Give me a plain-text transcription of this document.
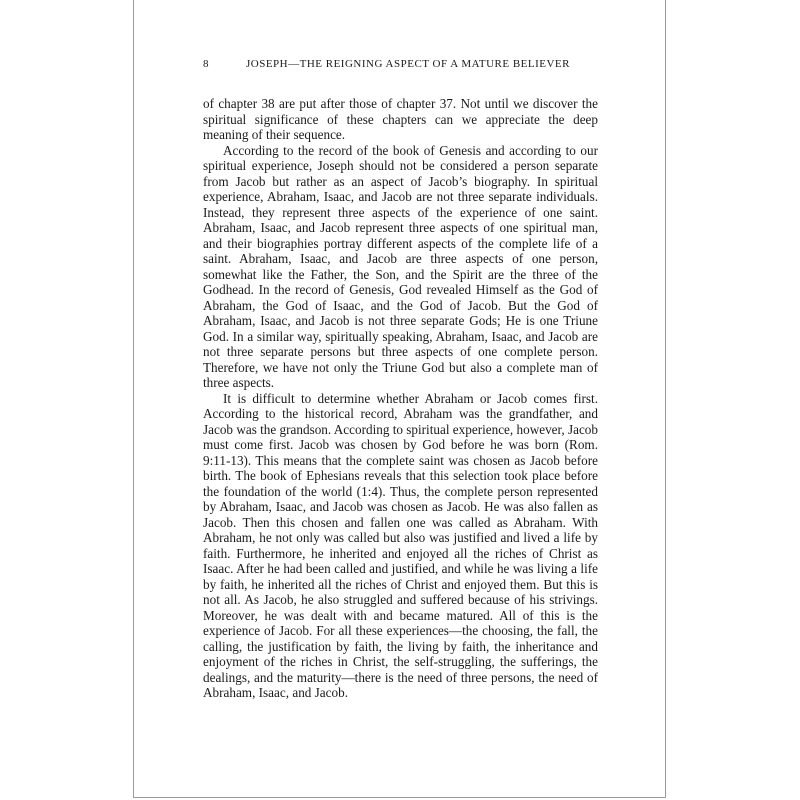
8	JOSEPH—THE REIGNING ASPECT OF A MATURE BELIEVER

of chapter 38 are put after those of chapter 37. Not until we discover the spiritual significance of these chapters can we appreciate the deep meaning of their sequence.

According to the record of the book of Genesis and according to our spiritual experience, Joseph should not be considered a person separate from Jacob but rather as an aspect of Jacob’s biography. In spiritual experience, Abraham, Isaac, and Jacob are not three separate individuals. Instead, they represent three aspects of the experience of one saint. Abraham, Isaac, and Jacob represent three aspects of one spiritual man, and their biographies portray different aspects of the complete life of a saint. Abraham, Isaac, and Jacob are three aspects of one person, somewhat like the Father, the Son, and the Spirit are the three of the Godhead. In the record of Genesis, God revealed Himself as the God of Abraham, the God of Isaac, and the God of Jacob. But the God of Abraham, Isaac, and Jacob is not three separate Gods; He is one Triune God. In a similar way, spiritually speaking, Abraham, Isaac, and Jacob are not three separate persons but three aspects of one complete person. Therefore, we have not only the Triune God but also a complete man of three aspects.

It is difficult to determine whether Abraham or Jacob comes first. According to the historical record, Abraham was the grandfather, and Jacob was the grandson. According to spiritual experience, however, Jacob must come first. Jacob was chosen by God before he was born (Rom. 9:11-13). This means that the complete saint was chosen as Jacob before birth. The book of Ephesians reveals that this selection took place before the foundation of the world (1:4). Thus, the complete person represented by Abraham, Isaac, and Jacob was chosen as Jacob. He was also fallen as Jacob. Then this chosen and fallen one was called as Abraham. With Abraham, he not only was called but also was justified and lived a life by faith. Furthermore, he inherited and enjoyed all the riches of Christ as Isaac. After he had been called and justified, and while he was living a life by faith, he inherited all the riches of Christ and enjoyed them. But this is not all. As Jacob, he also struggled and suffered because of his strivings. Moreover, he was dealt with and became matured. All of this is the experience of Jacob. For all these experiences—the choosing, the fall, the calling, the justification by faith, the living by faith, the inheritance and enjoyment of the riches in Christ, the self-struggling, the sufferings, the dealings, and the maturity—there is the need of three persons, the need of Abraham, Isaac, and Jacob.
